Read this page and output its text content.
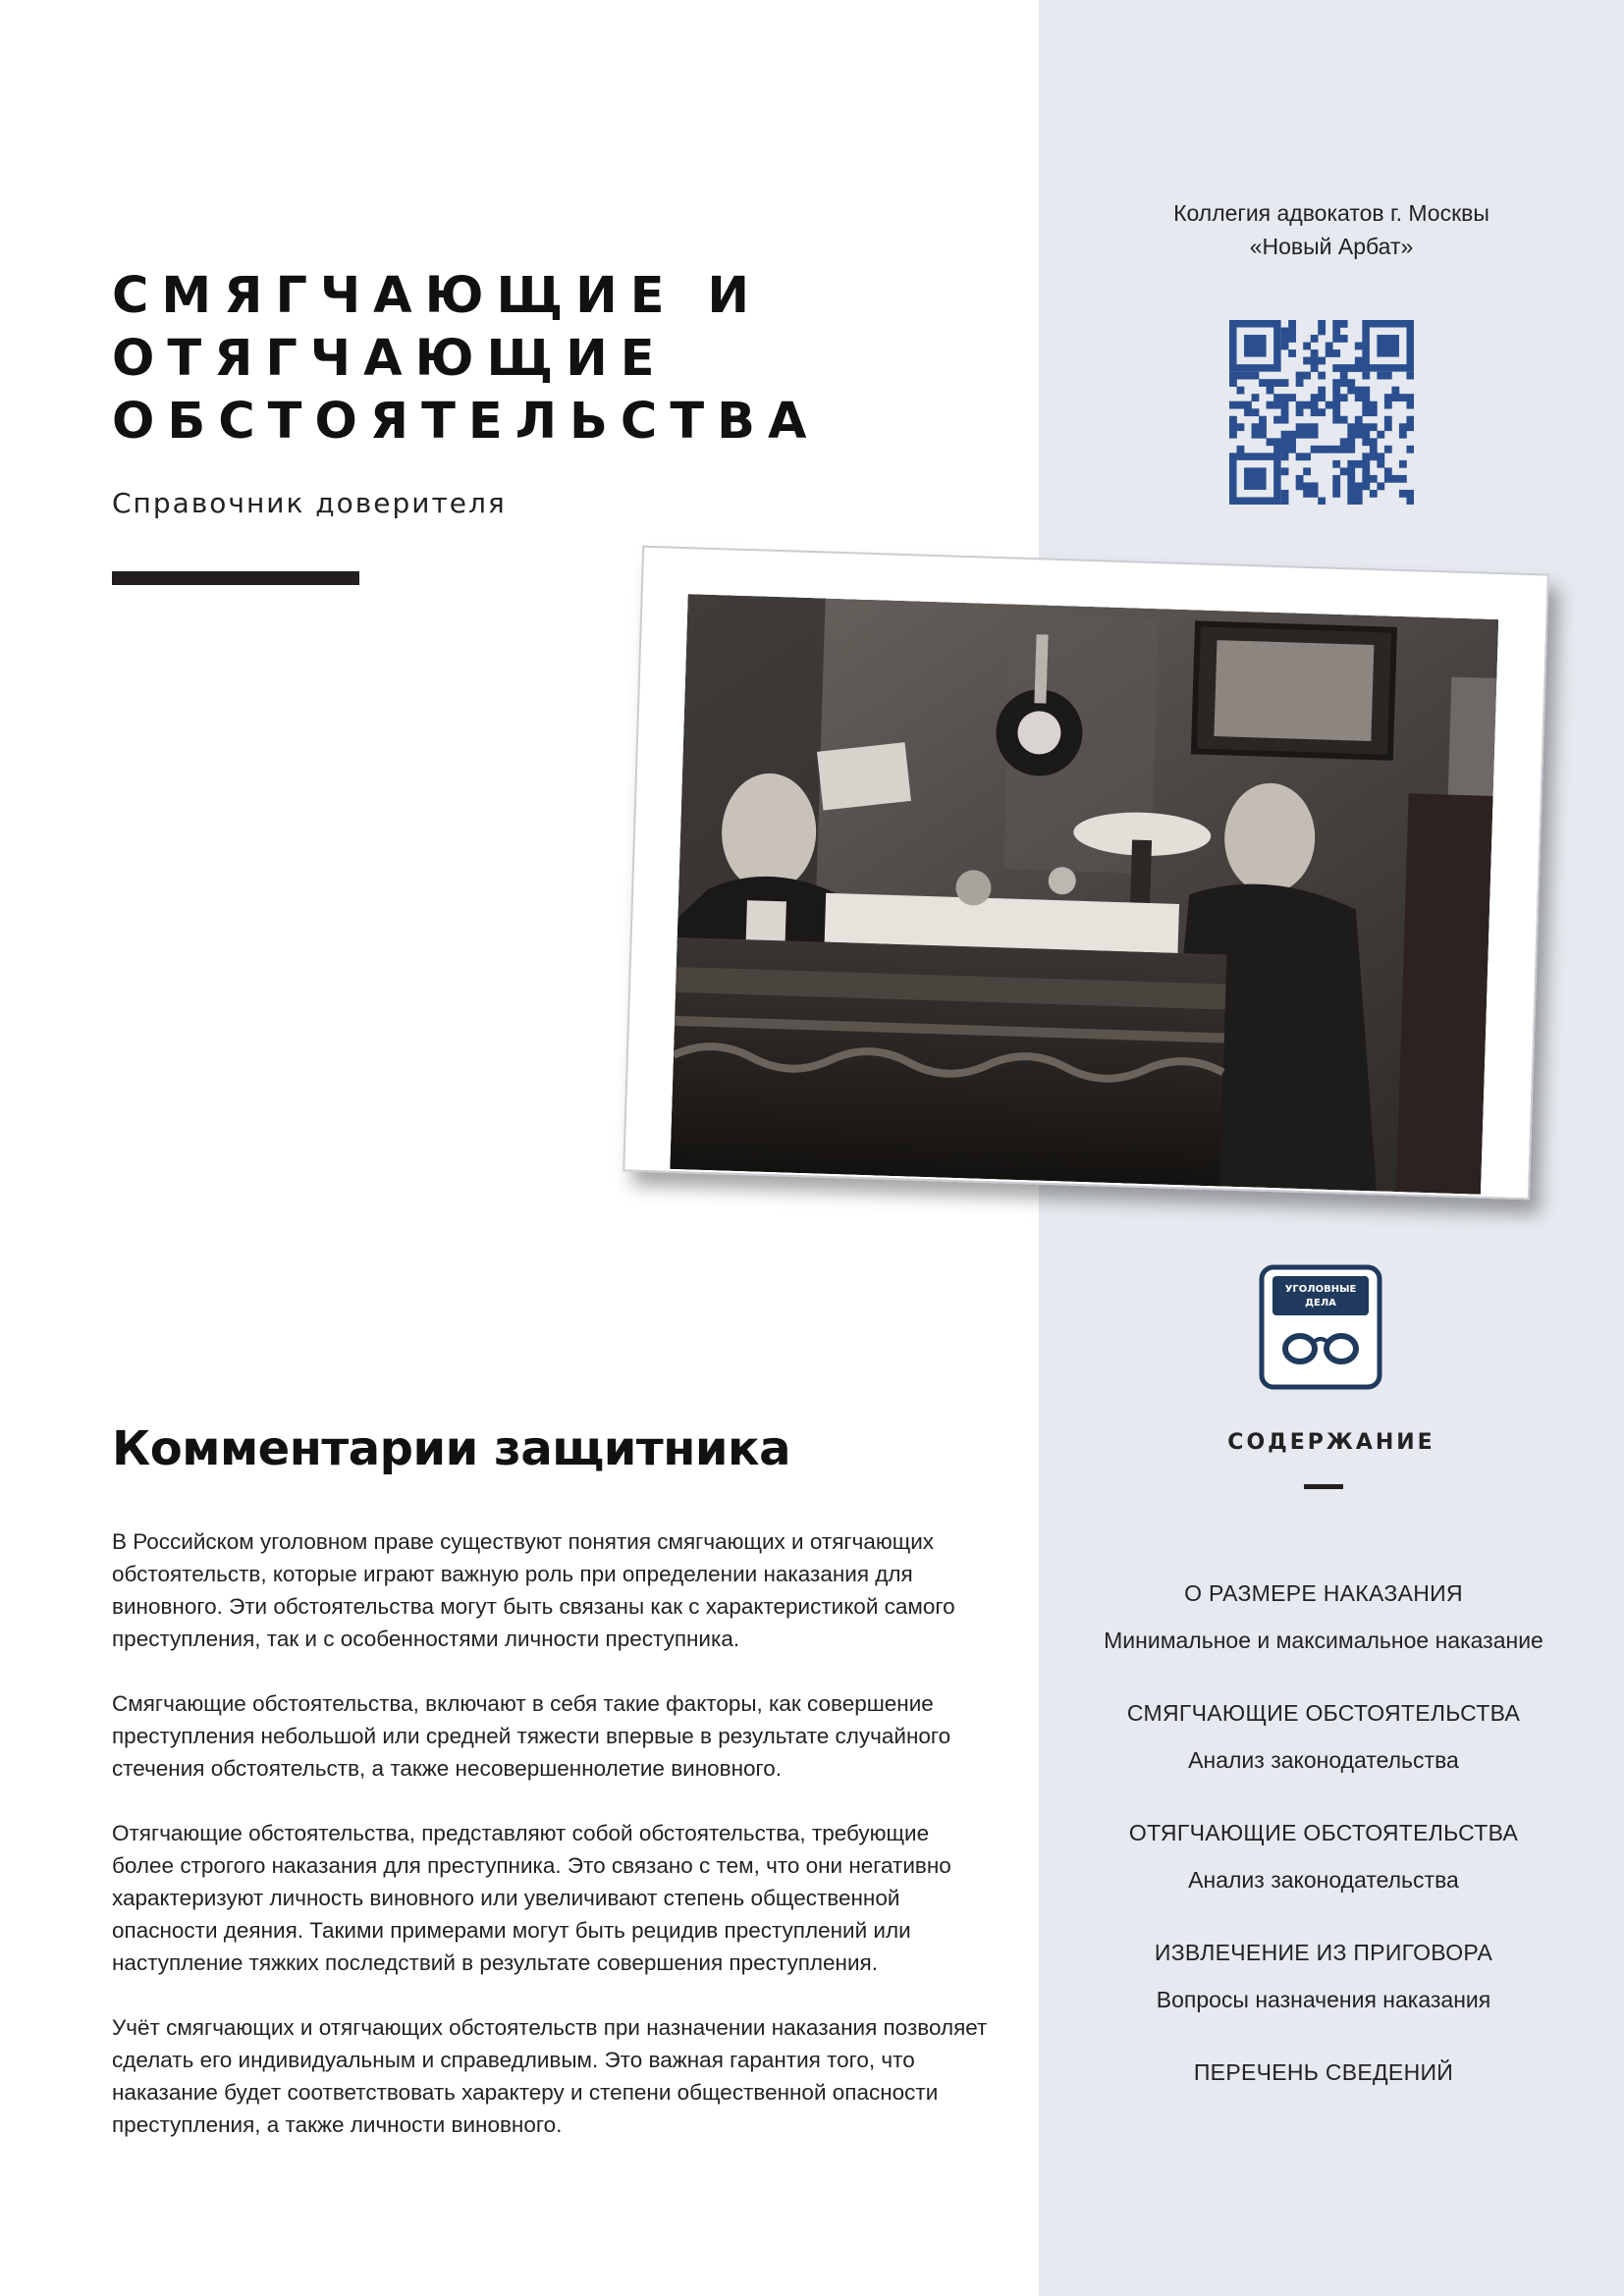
Коллегия адвокатов г. Москвы
«Новый Арбат»
СМЯГЧАЮЩИЕ И
ОТЯГЧАЮЩИЕ
ОБСТОЯТЕЛЬСТВА
Справочник доверителя
УГОЛОВНЫЕ
ДЕЛА
СОДЕРЖАНИЕ
О РАЗМЕРЕ НАКАЗАНИЯ
Минимальное и максимальное наказание
СМЯГЧАЮЩИЕ ОБСТОЯТЕЛЬСТВА
Анализ законодательства
ОТЯГЧАЮЩИЕ ОБСТОЯТЕЛЬСТВА
Анализ законодательства
ИЗВЛЕЧЕНИЕ ИЗ ПРИГОВОРА
Вопросы назначения наказания
ПЕРЕЧЕНЬ СВЕДЕНИЙ
Комментарии защитника

В Российском уголовном праве существуют понятия смягчающих и отягчающих обстоятельств, которые играют важную роль при определении наказания для виновного. Эти обстоятельства могут быть связаны как с характеристикой самого преступления, так и с особенностями личности преступника.

Смягчающие обстоятельства, включают в себя такие факторы, как совершение преступления небольшой или средней тяжести впервые в результате случайного стечения обстоятельств, а также несовершеннолетие виновного.

Отягчающие обстоятельства, представляют собой обстоятельства, требующие более строгого наказания для преступника. Это связано с тем, что они негативно характеризуют личность виновного или увеличивают степень общественной опасности деяния. Такими примерами могут быть рецидив преступлений или наступление тяжких последствий в результате совершения преступления.

Учёт смягчающих и отягчающих обстоятельств при назначении наказания позволяет сделать его индивидуальным и справедливым. Это важная гарантия того, что наказание будет соответствовать характеру и степени общественной опасности преступления, а также личности виновного.
